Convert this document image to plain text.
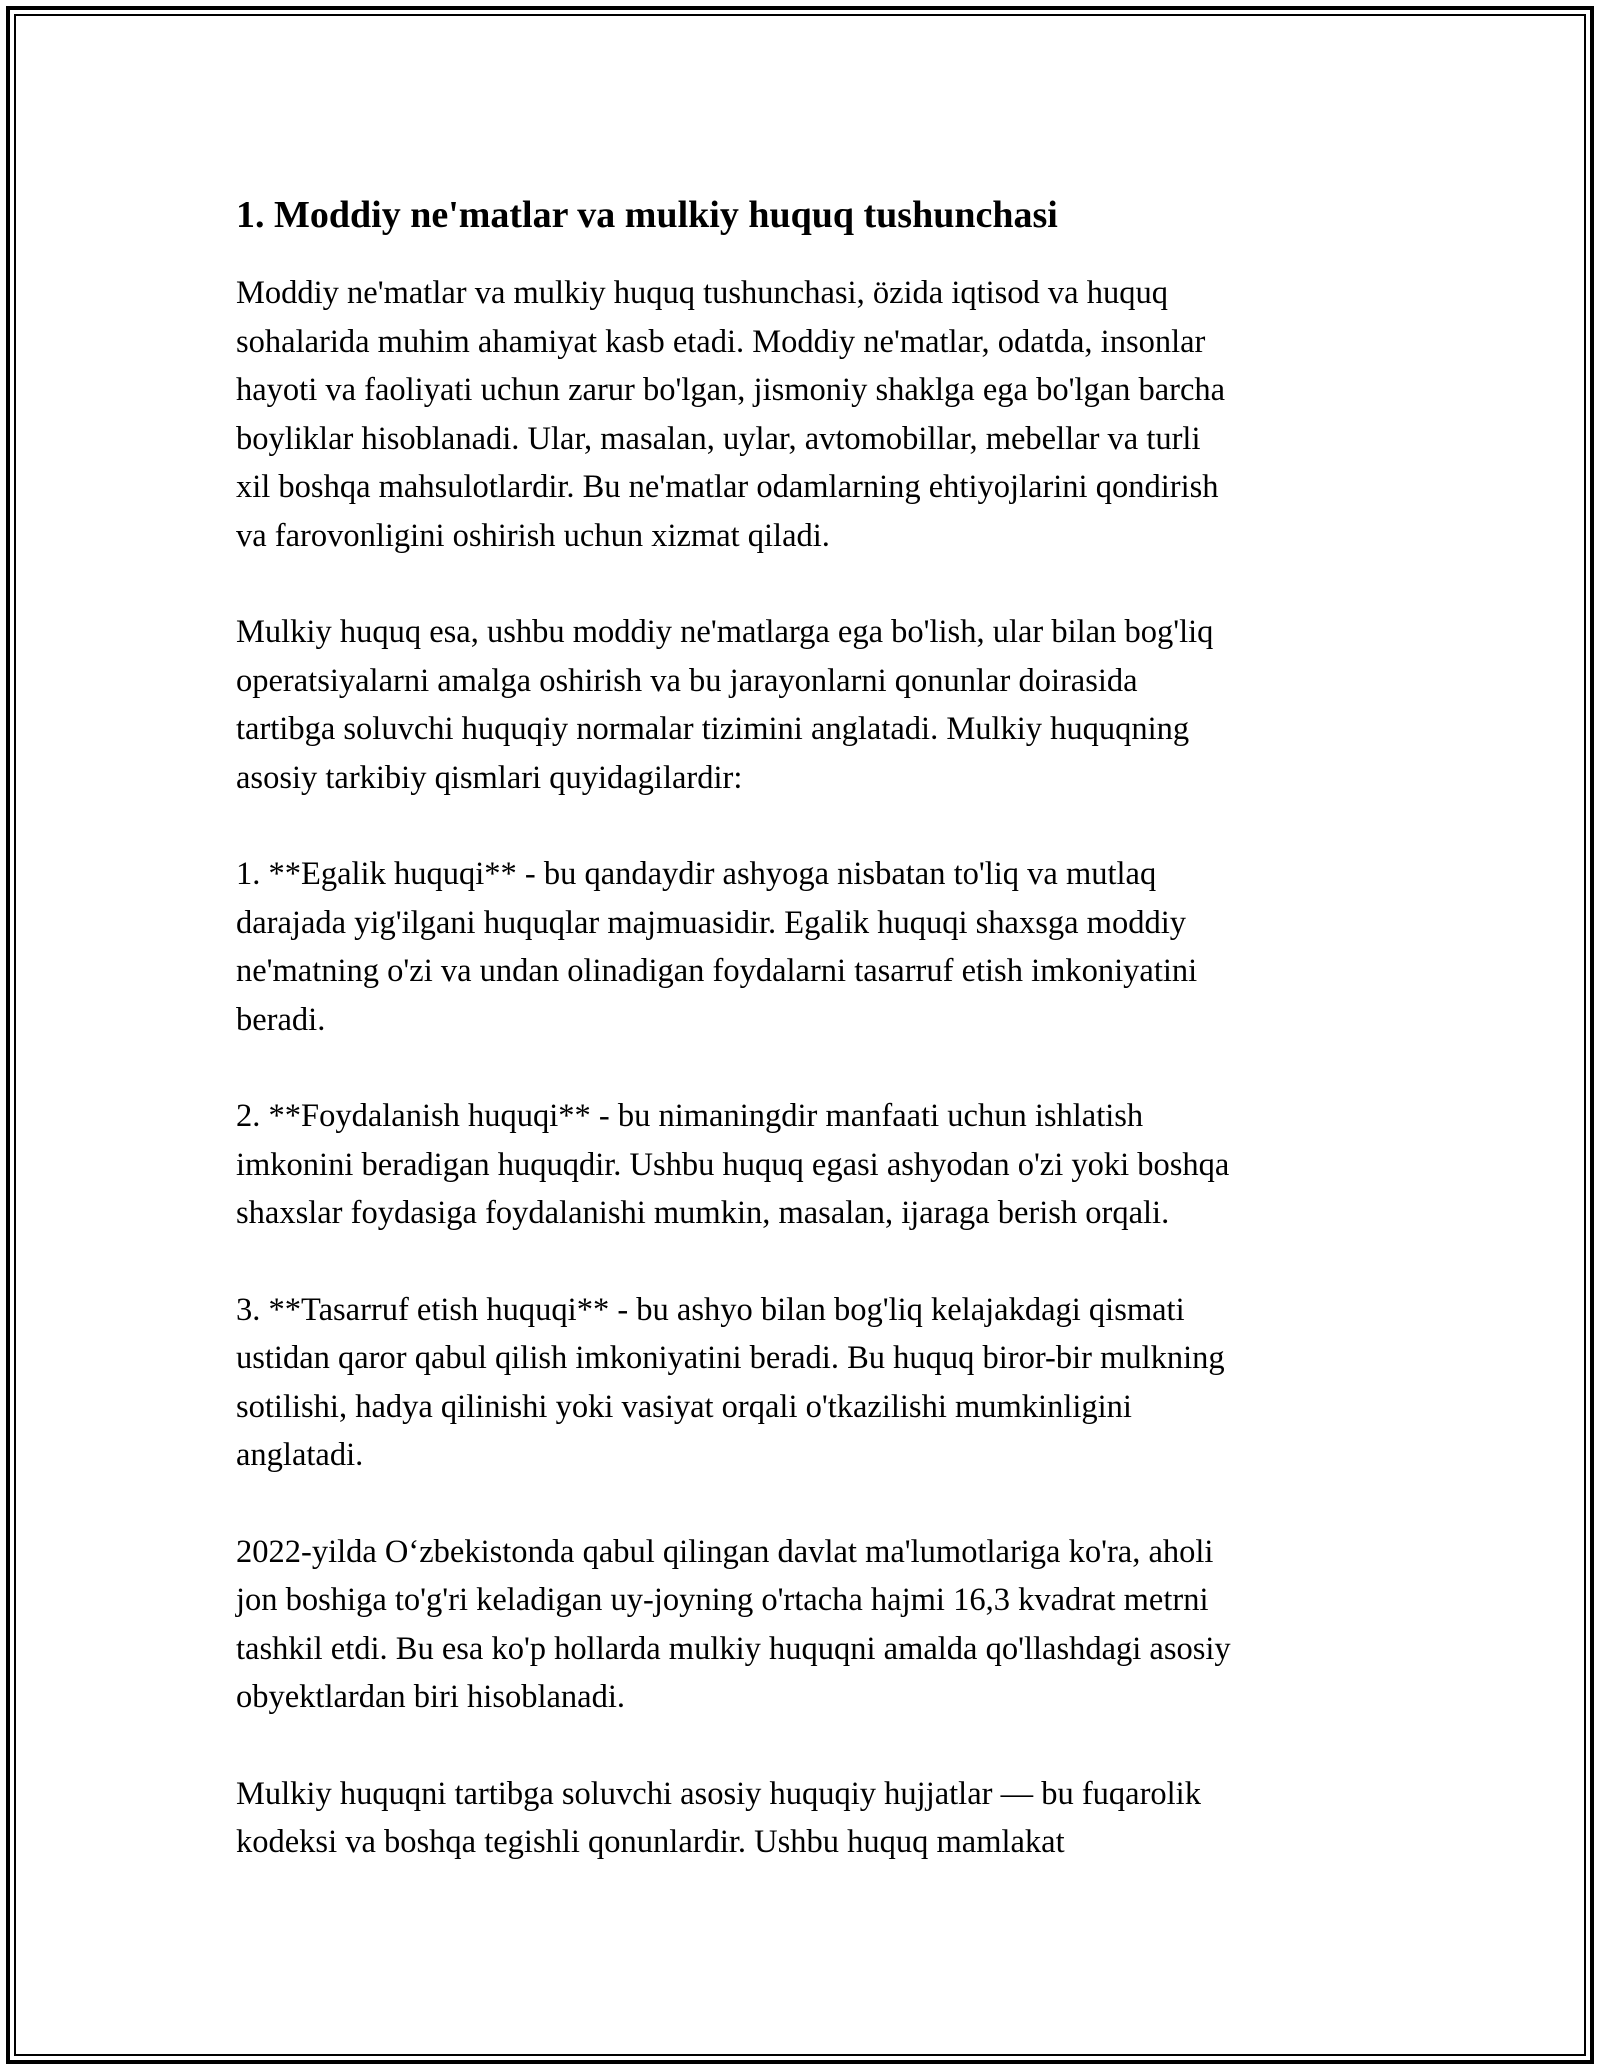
1. Moddiy ne'matlar va mulkiy huquq tushunchasi

Moddiy ne'matlar va mulkiy huquq tushunchasi, özida iqtisod va huquq
sohalarida muhim ahamiyat kasb etadi. Moddiy ne'matlar, odatda, insonlar
hayoti va faoliyati uchun zarur bo'lgan, jismoniy shaklga ega bo'lgan barcha
boyliklar hisoblanadi. Ular, masalan, uylar, avtomobillar, mebellar va turli
xil boshqa mahsulotlardir. Bu ne'matlar odamlarning ehtiyojlarini qondirish
va farovonligini oshirish uchun xizmat qiladi.

Mulkiy huquq esa, ushbu moddiy ne'matlarga ega bo'lish, ular bilan bog'liq
operatsiyalarni amalga oshirish va bu jarayonlarni qonunlar doirasida
tartibga soluvchi huquqiy normalar tizimini anglatadi. Mulkiy huquqning
asosiy tarkibiy qismlari quyidagilardir:

1. **Egalik huquqi** - bu qandaydir ashyoga nisbatan to'liq va mutlaq
darajada yig'ilgani huquqlar majmuasidir. Egalik huquqi shaxsga moddiy
ne'matning o'zi va undan olinadigan foydalarni tasarruf etish imkoniyatini
beradi.

2. **Foydalanish huquqi** - bu nimaningdir manfaati uchun ishlatish
imkonini beradigan huquqdir. Ushbu huquq egasi ashyodan o'zi yoki boshqa
shaxslar foydasiga foydalanishi mumkin, masalan, ijaraga berish orqali.

3. **Tasarruf etish huquqi** - bu ashyo bilan bog'liq kelajakdagi qismati
ustidan qaror qabul qilish imkoniyatini beradi. Bu huquq biror-bir mulkning
sotilishi, hadya qilinishi yoki vasiyat orqali o'tkazilishi mumkinligini
anglatadi.

2022-yilda O‘zbekistonda qabul qilingan davlat ma'lumotlariga ko'ra, aholi
jon boshiga to'g'ri keladigan uy-joyning o'rtacha hajmi 16,3 kvadrat metrni
tashkil etdi. Bu esa ko'p hollarda mulkiy huquqni amalda qo'llashdagi asosiy
obyektlardan biri hisoblanadi.

Mulkiy huquqni tartibga soluvchi asosiy huquqiy hujjatlar — bu fuqarolik
kodeksi va boshqa tegishli qonunlardir. Ushbu huquq mamlakat
